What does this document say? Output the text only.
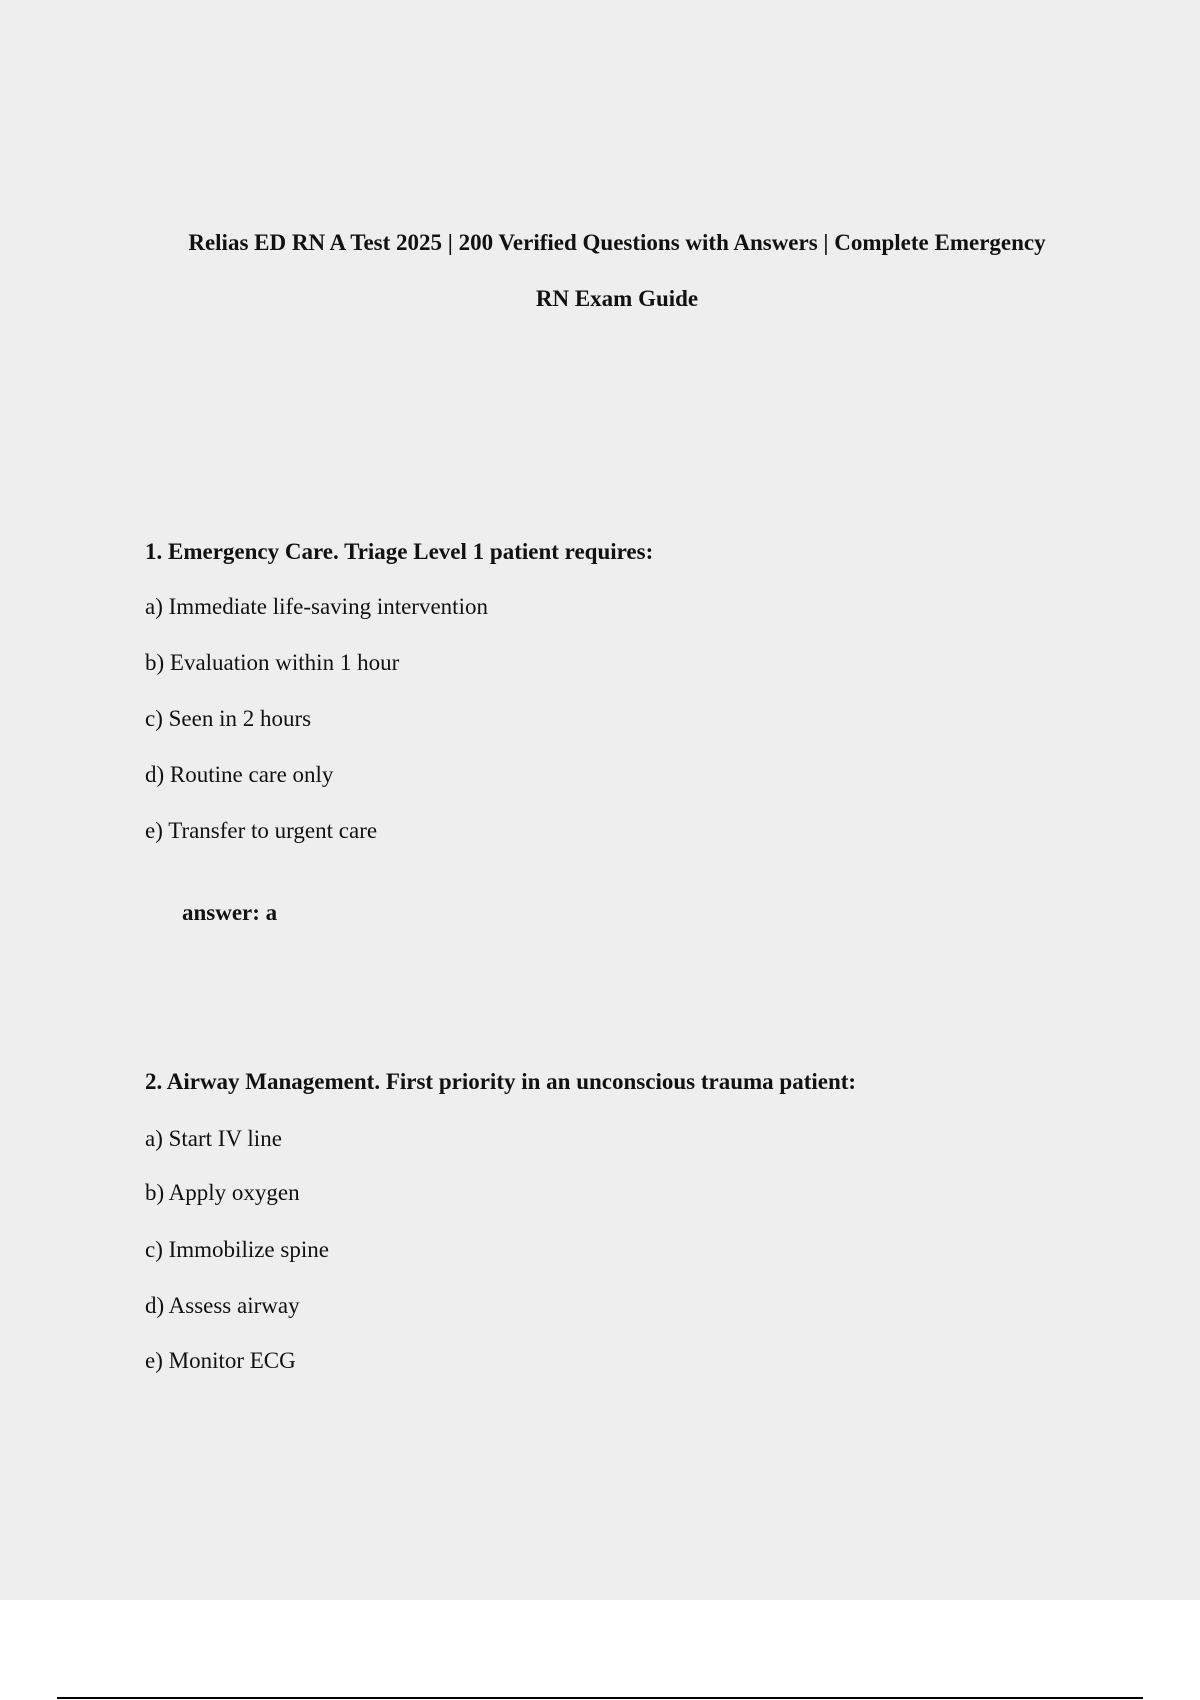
Relias ED RN A Test 2025 | 200 Verified Questions with Answers | Complete Emergency
RN Exam Guide

1. Emergency Care. Triage Level 1 patient requires:

a) Immediate life-saving intervention

b) Evaluation within 1 hour

c) Seen in 2 hours

d) Routine care only

e) Transfer to urgent care

answer: a

2. Airway Management. First priority in an unconscious trauma patient:

a) Start IV line

b) Apply oxygen

c) Immobilize spine

d) Assess airway

e) Monitor ECG
